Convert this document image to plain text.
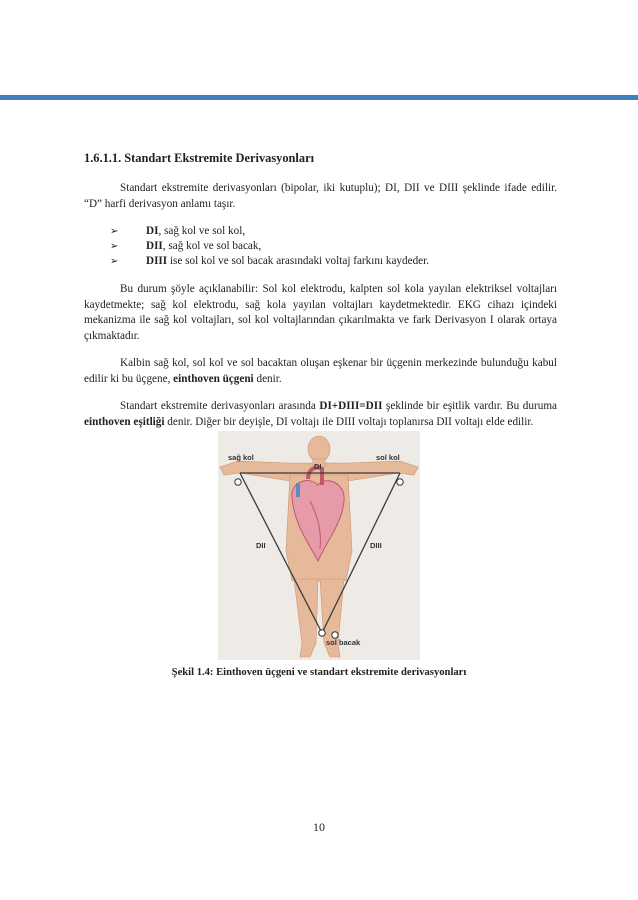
1.6.1.1. Standart Ekstremite Derivasyonları

Standart ekstremite derivasyonları (bipolar, iki kutuplu); DI, DII ve DIII şeklinde ifade edilir. “D” harfi derivasyon anlamı taşır.

➢	DI, sağ kol ve sol kol,
➢	DII, sağ kol ve sol bacak,
➢	DIII ise sol kol ve sol bacak arasındaki voltaj farkını kaydeder.

Bu durum şöyle açıklanabilir: Sol kol elektrodu, kalpten sol kola yayılan elektriksel voltajları kaydetmekte; sağ kol elektrodu, sağ kola yayılan voltajları kaydetmektedir. EKG cihazı içindeki mekanizma ile sağ kol voltajları, sol kol voltajlarından çıkarılmakta ve fark Derivasyon I olarak ortaya çıkmaktadır.

Kalbin sağ kol, sol kol ve sol bacaktan oluşan eşkenar bir üçgenin merkezinde bulunduğu kabul edilir ki bu üçgene, einthoven üçgeni denir.

Standart ekstremite derivasyonları arasında DI+DIII=DII şeklinde bir eşitlik vardır. Bu duruma einthoven eşitliği denir. Diğer bir deyişle, DI voltajı ile DIII voltajı toplanırsa DII voltajı elde edilir.

sağ kol	sol kol
DI
DII	DIII
sol bacak
Şekil 1.4: Einthoven üçgeni ve standart ekstremite derivasyonları
10
